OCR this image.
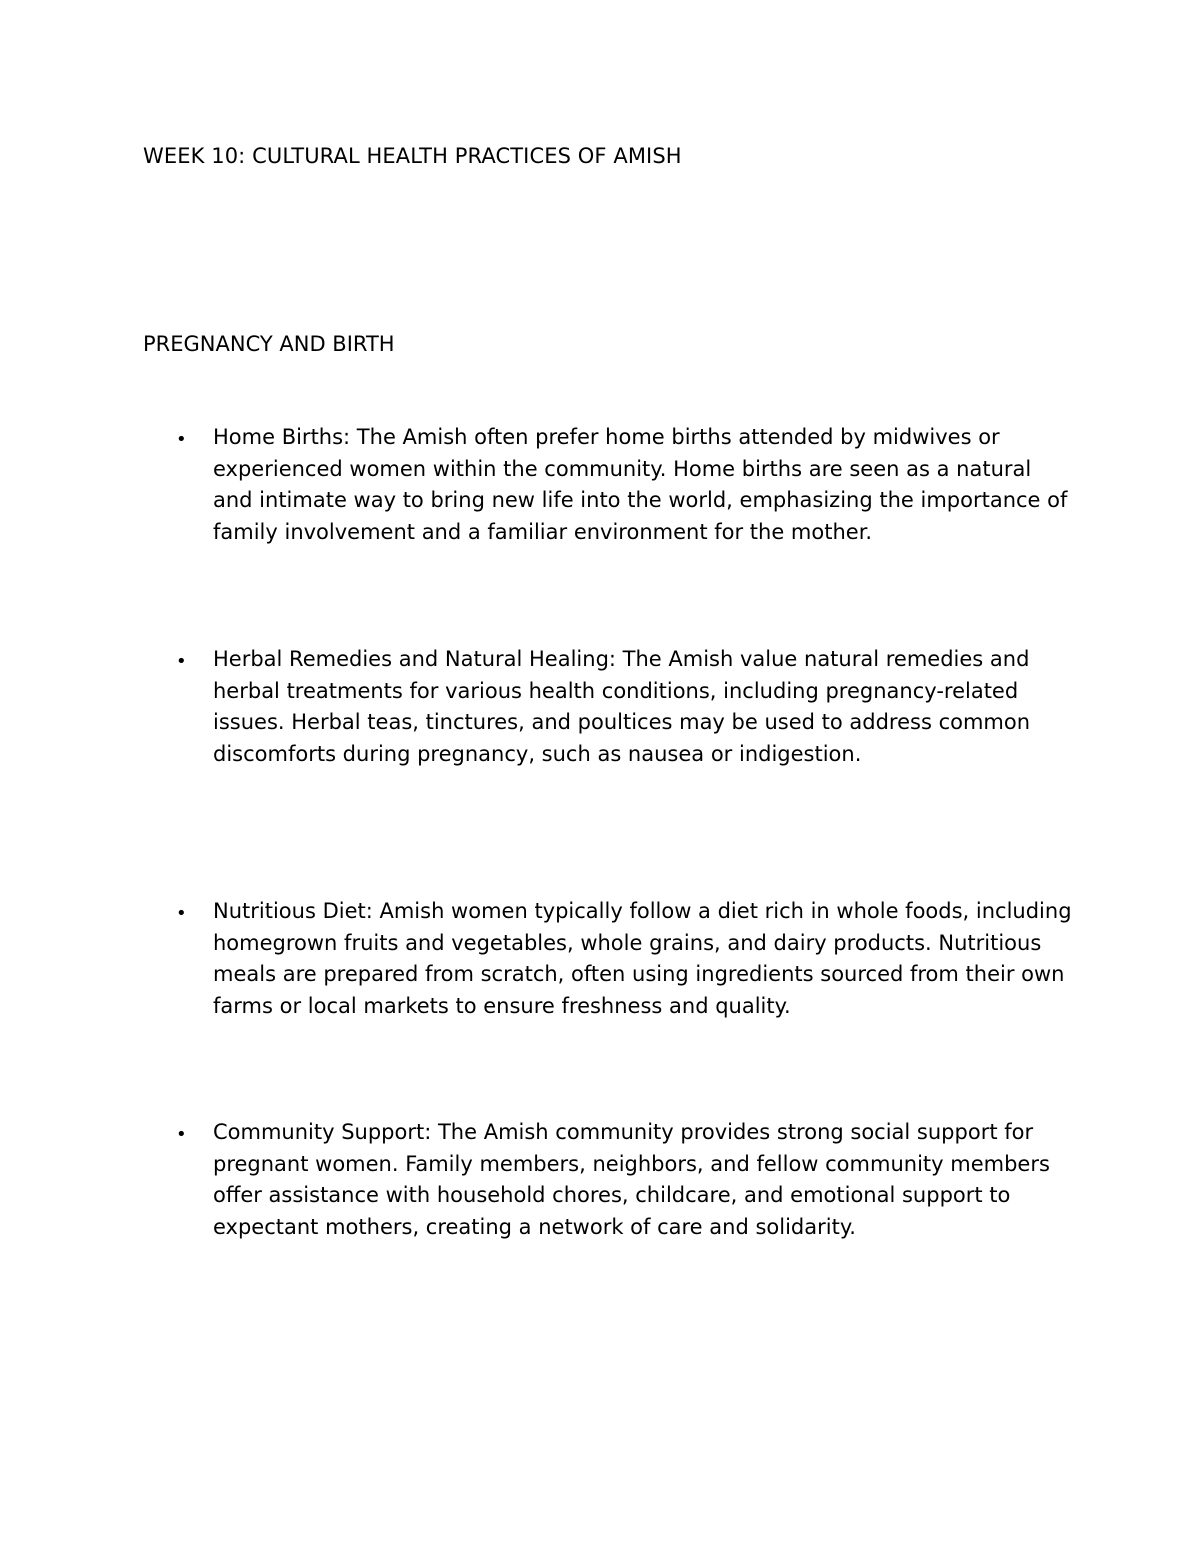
WEEK 10: CULTURAL HEALTH PRACTICES OF AMISH
PREGNANCY AND BIRTH
• Home Births: The Amish often prefer home births attended by midwives or experienced women within the community. Home births are seen as a natural and intimate way to bring new life into the world, emphasizing the importance of family involvement and a familiar environment for the mother.
• Herbal Remedies and Natural Healing: The Amish value natural remedies and herbal treatments for various health conditions, including pregnancy-related issues. Herbal teas, tinctures, and poultices may be used to address common discomforts during pregnancy, such as nausea or indigestion.
• Nutritious Diet: Amish women typically follow a diet rich in whole foods, including homegrown fruits and vegetables, whole grains, and dairy products. Nutritious meals are prepared from scratch, often using ingredients sourced from their own farms or local markets to ensure freshness and quality.
• Community Support: The Amish community provides strong social support for pregnant women. Family members, neighbors, and fellow community members offer assistance with household chores, childcare, and emotional support to expectant mothers, creating a network of care and solidarity.
